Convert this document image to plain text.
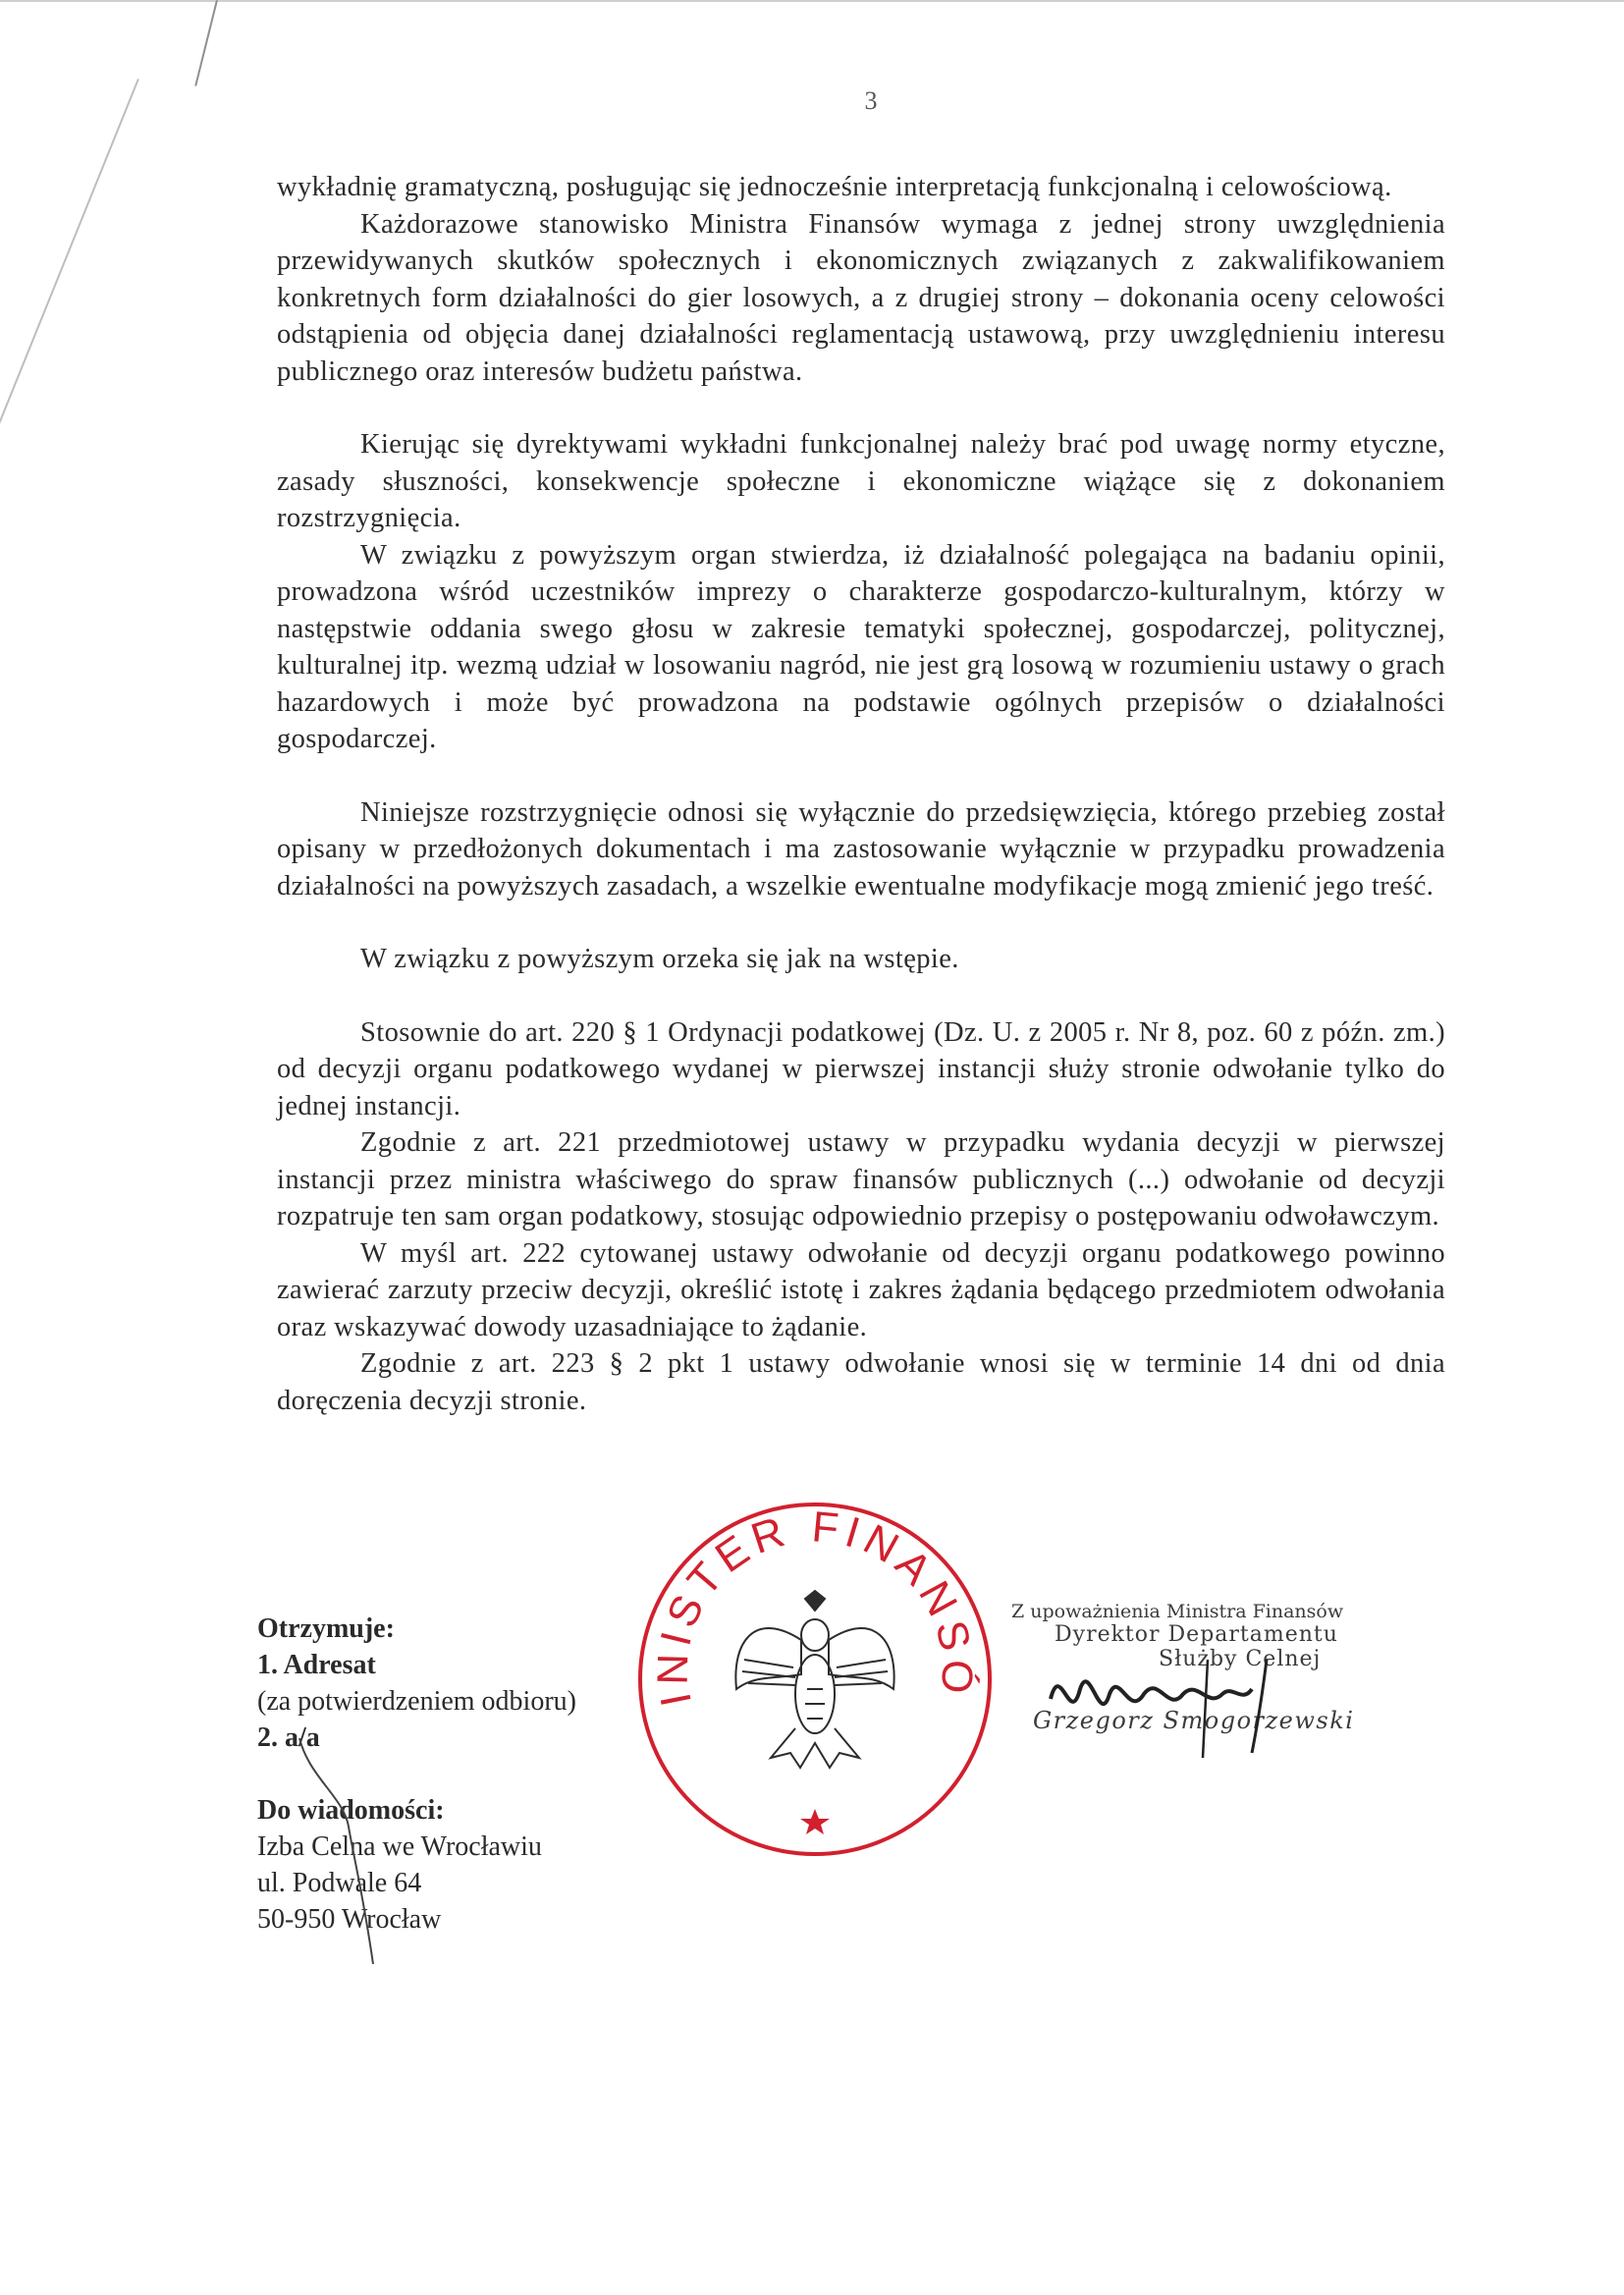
3

wykładnię gramatyczną, posługując się jednocześnie interpretacją funkcjonalną i celowościową.

Każdorazowe stanowisko Ministra Finansów wymaga z jednej strony uwzględnienia przewidywanych skutków społecznych i ekonomicznych związanych z zakwalifikowaniem konkretnych form działalności do gier losowych, a z drugiej strony – dokonania oceny celowości odstąpienia od objęcia danej działalności reglamentacją ustawową, przy uwzględnieniu interesu publicznego oraz interesów budżetu państwa.

Kierując się dyrektywami wykładni funkcjonalnej należy brać pod uwagę normy etyczne, zasady słuszności, konsekwencje społeczne i ekonomiczne wiążące się z dokonaniem rozstrzygnięcia.

W związku z powyższym organ stwierdza, iż działalność polegająca na badaniu opinii, prowadzona wśród uczestników imprezy o charakterze gospodarczo-kulturalnym, którzy w następstwie oddania swego głosu w zakresie tematyki społecznej, gospodarczej, politycznej, kulturalnej itp. wezmą udział w losowaniu nagród, nie jest grą losową w rozumieniu ustawy o grach hazardowych i może być prowadzona na podstawie ogólnych przepisów o działalności gospodarczej.

Niniejsze rozstrzygnięcie odnosi się wyłącznie do przedsięwzięcia, którego przebieg został opisany w przedłożonych dokumentach i ma zastosowanie wyłącznie w przypadku prowadzenia działalności na powyższych zasadach, a wszelkie ewentualne modyfikacje mogą zmienić jego treść.

W związku z powyższym orzeka się jak na wstępie.

Stosownie do art. 220 § 1 Ordynacji podatkowej (Dz. U. z 2005 r. Nr 8, poz. 60 z późn. zm.) od decyzji organu podatkowego wydanej w pierwszej instancji służy stronie odwołanie tylko do jednej instancji.

Zgodnie z art. 221 przedmiotowej ustawy w przypadku wydania decyzji w pierwszej instancji przez ministra właściwego do spraw finansów publicznych (...) odwołanie od decyzji rozpatruje ten sam organ podatkowy, stosując odpowiednio przepisy o postępowaniu odwoławczym.

W myśl art. 222 cytowanej ustawy odwołanie od decyzji organu podatkowego powinno zawierać zarzuty przeciw decyzji, określić istotę i zakres żądania będącego przedmiotem odwołania oraz wskazywać dowody uzasadniające to żądanie.

Zgodnie z art. 223 § 2 pkt 1 ustawy odwołanie wnosi się w terminie 14 dni od dnia doręczenia decyzji stronie.

Otrzymuje:
1. Adresat
(za potwierdzeniem odbioru)
2. a/a
Do wiadomości:
Izba Celna we Wrocławiu
ul. Podwale 64
50-950 Wrocław
INISTER FINANSÓ
Z upoważnienia Ministra Finansów
Dyrektor Departamentu
Służby Celnej
Grzegorz Smogorzewski
